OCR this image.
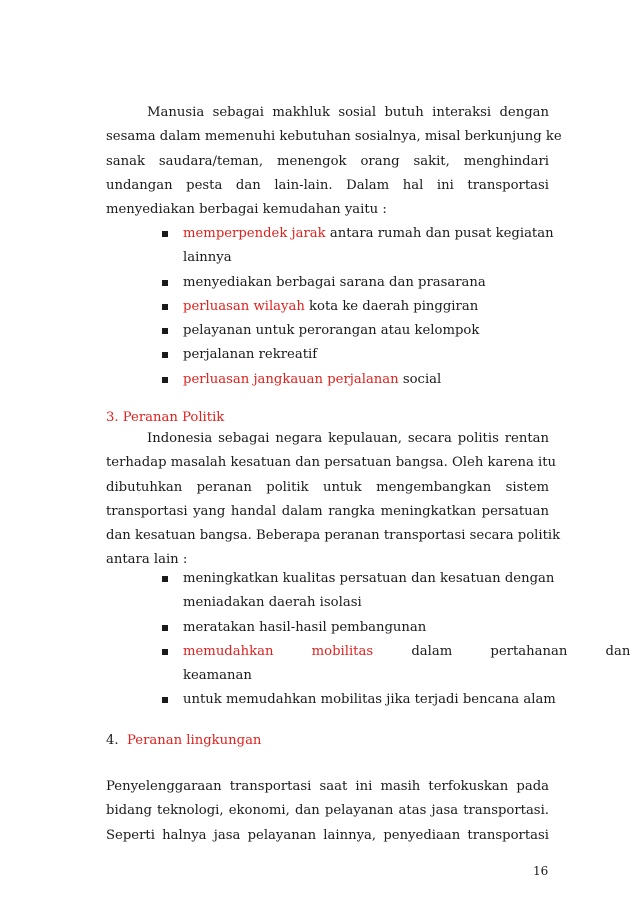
Manusia sebagai makhluk sosial butuh interaksi dengan
sesama dalam memenuhi kebutuhan sosialnya, misal berkunjung ke
sanak saudara/teman, menengok orang sakit, menghindari
undangan pesta dan lain-lain. Dalam hal ini transportasi
menyediakan berbagai kemudahan yaitu :
memperpendek jarak antara rumah dan pusat kegiatan
lainnya
menyediakan berbagai sarana dan prasarana
perluasan wilayah kota ke daerah pinggiran
pelayanan untuk perorangan atau kelompok
perjalanan rekreatif
perluasan jangkauan perjalanan social
3. Peranan Politik
Indonesia sebagai negara kepulauan, secara politis rentan
terhadap masalah kesatuan dan persatuan bangsa. Oleh karena itu
dibutuhkan peranan politik untuk mengembangkan sistem
transportasi yang handal dalam rangka meningkatkan persatuan
dan kesatuan bangsa. Beberapa peranan transportasi secara politik
antara lain :
meningkatkan kualitas persatuan dan kesatuan dengan
meniadakan daerah isolasi
meratakan hasil-hasil pembangunan
memudahkan mobilitas	dalam pertahanan dan
keamanan
untuk memudahkan mobilitas jika terjadi bencana alam
4. Peranan lingkungan
Penyelenggaraan transportasi saat ini masih terfokuskan pada
bidang teknologi, ekonomi, dan pelayanan atas jasa transportasi.
Seperti halnya jasa pelayanan lainnya, penyediaan transportasi
16
